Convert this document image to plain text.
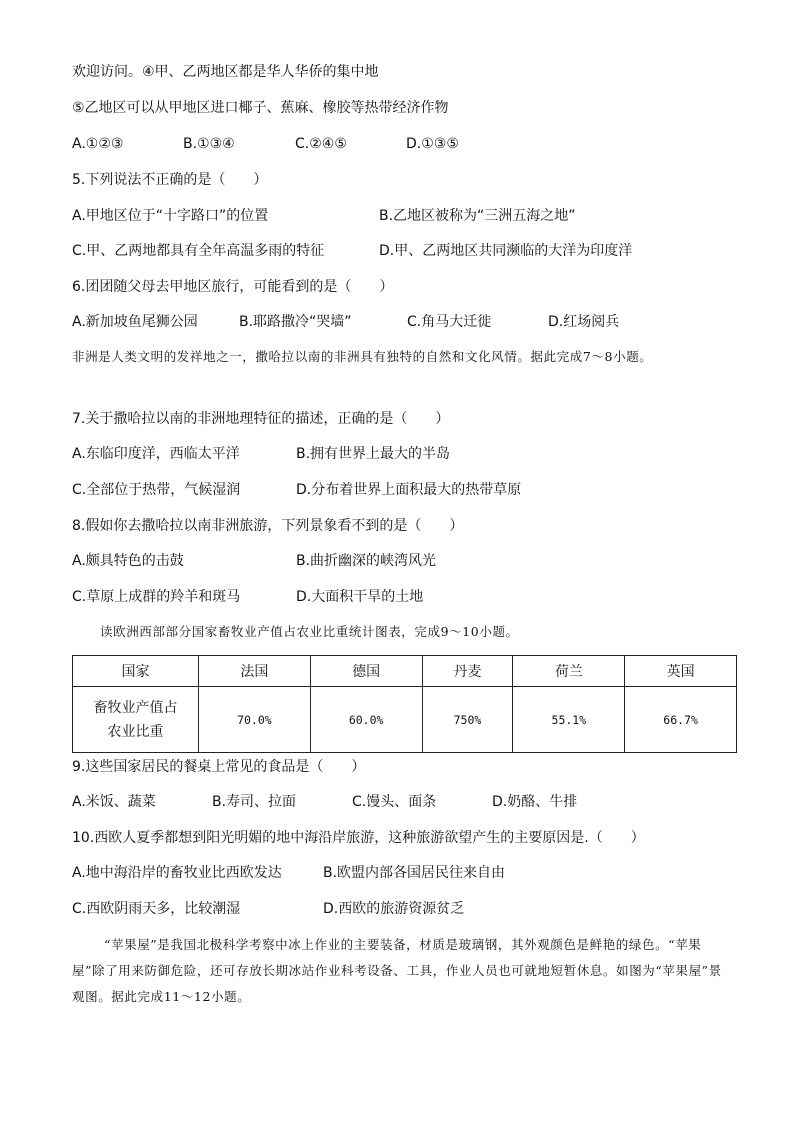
欢迎访问。④甲、乙两地区都是华人华侨的集中地
⑤乙地区可以从甲地区进口椰子、蕉麻、橡胶等热带经济作物
A.①②③	B.①③④	C.②④⑤	D.①③⑤
5.下列说法不正确的是（　　）
A.甲地区位于“十字路口”的位置	B.乙地区被称为“三洲五海之地”
C.甲、乙两地都具有全年高温多雨的特征	D.甲、乙两地区共同濒临的大洋为印度洋
6.团团随父母去甲地区旅行，可能看到的是（　　）
A.新加坡鱼尾狮公园	B.耶路撒冷“哭墙”	C.角马大迁徙	D.红场阅兵
非洲是人类文明的发祥地之一，撒哈拉以南的非洲具有独特的自然和文化风情。据此完成7～8小题。
7.关于撒哈拉以南的非洲地理特征的描述，正确的是（　　）
A.东临印度洋，西临太平洋	B.拥有世界上最大的半岛
C.全部位于热带，气候湿润	D.分布着世界上面积最大的热带草原
8.假如你去撒哈拉以南非洲旅游，下列景象看不到的是（　　）
A.颇具特色的击鼓	B.曲折幽深的峡湾风光
C.草原上成群的羚羊和斑马	D.大面积干旱的土地
读欧洲西部部分国家畜牧业产值占农业比重统计图表，完成9～10小题。
国家	法国	德国	丹麦	荷兰	英国

畜牧业产值占农业比重	70.0%	60.0%	750%	55.1%	66.7%
9.这些国家居民的餐桌上常见的食品是（　　）
A.米饭、蔬菜	B.寿司、拉面	C.馒头、面条	D.奶酪、牛排
10.西欧人夏季都想到阳光明媚的地中海沿岸旅游，这种旅游欲望产生的主要原因是.（　　）
A.地中海沿岸的畜牧业比西欧发达	B.欧盟内部各国居民往来自由
C.西欧阴雨天多，比较潮湿	D.西欧的旅游资源贫乏
“苹果屋”是我国北极科学考察中冰上作业的主要装备，材质是玻璃钢，其外观颜色是鲜艳的绿色。“苹果屋”除了用来防御危险，还可存放长期冰站作业科考设备、工具，作业人员也可就地短暂休息。如图为“苹果屋”景观图。据此完成11～12小题。
